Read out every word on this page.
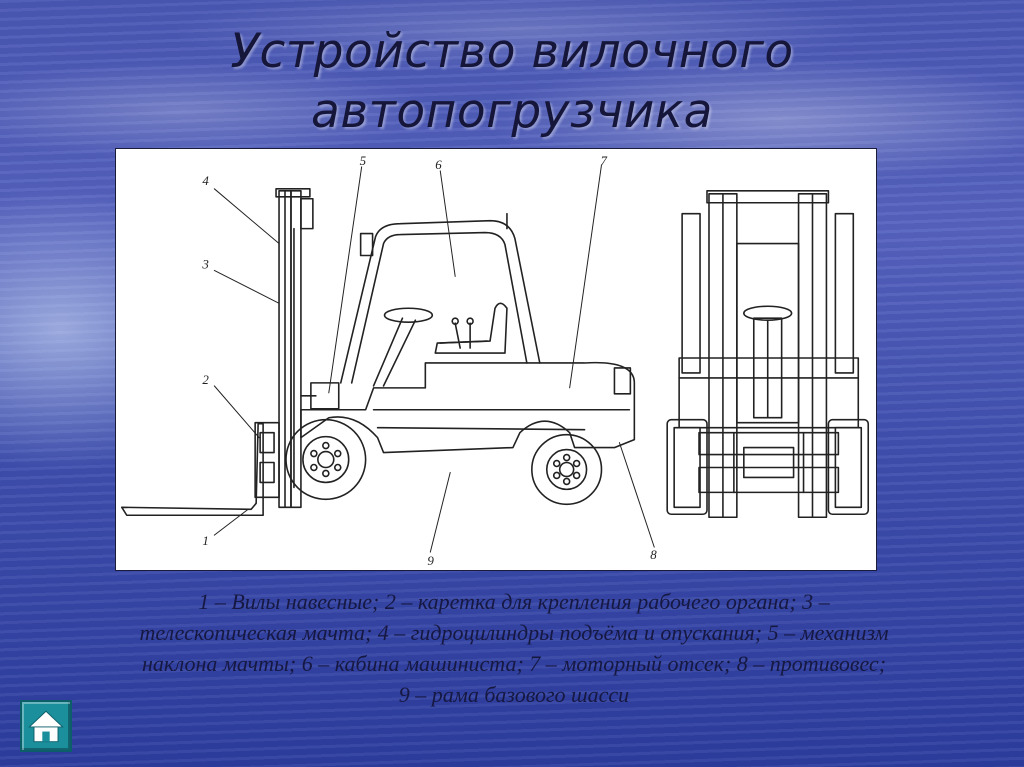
Устройство вилочного
автопогрузчика
4
3
2
1
5	6	7
8
9
1 – Вилы навесные; 2 – каретка для крепления рабочего органа; 3 –
телескопическая мачта; 4 – гидроцилиндры подъёма и опускания; 5 – механизм
наклона мачты; 6 – кабина машиниста; 7 – моторный отсек; 8 – противовес;
9 – рама базового шасси
